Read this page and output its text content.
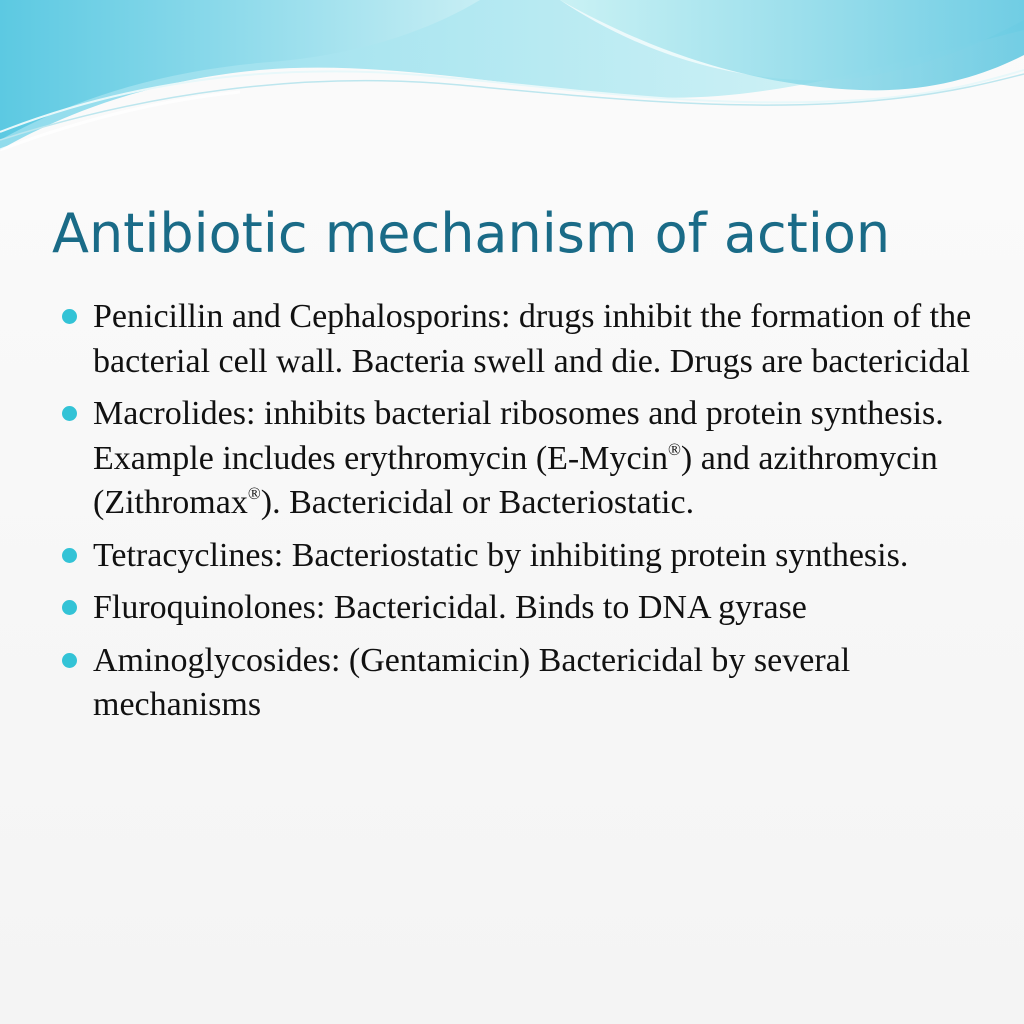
Antibiotic mechanism of action
Penicillin and Cephalosporins: drugs inhibit the formation of the bacterial cell wall. Bacteria swell and die. Drugs are bactericidal
Macrolides: inhibits bacterial ribosomes and protein synthesis. Example includes erythromycin (E-Mycin®) and azithromycin (Zithromax®). Bactericidal or Bacteriostatic.
Tetracyclines: Bacteriostatic by inhibiting protein synthesis.
Fluroquinolones: Bactericidal. Binds to DNA gyrase
Aminoglycosides: (Gentamicin) Bactericidal by several mechanisms
